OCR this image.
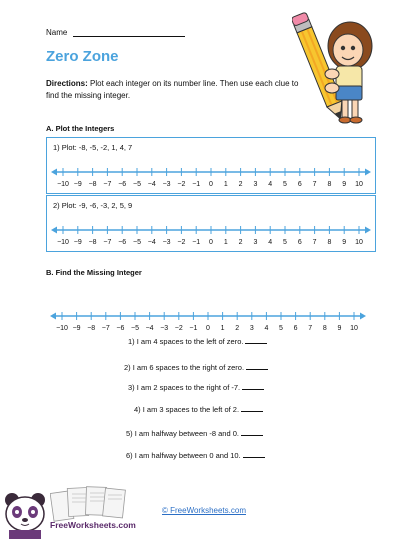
Name
Zero Zone
Directions: Plot each integer on its number line. Then use each clue to find the missing integer.
A. Plot the Integers
1) Plot: -8, -5, -2, 1, 4, 7
−10 −9 −8 −7 −6 −5 −4 −3 −2 −1 0 1 2 3 4 5 6 7 8 9 10
2) Plot: -9, -6, -3, 2, 5, 9
−10 −9 −8 −7 −6 −5 −4 −3 −2 −1 0 1 2 3 4 5 6 7 8 9 10
B. Find the Missing Integer
−10 −9 −8 −7 −6 −5 −4 −3 −2 −1 0 1 2 3 4 5 6 7 8 9 10
1) I am 4 spaces to the left of zero.
2) I am 6 spaces to the right of zero.
3) I am 2 spaces to the right of -7.
4) I am 3 spaces to the left of 2.
5) I am halfway between -8 and 0.
6) I am halfway between 0 and 10.
FreeWorksheets.com
© FreeWorksheets.com
